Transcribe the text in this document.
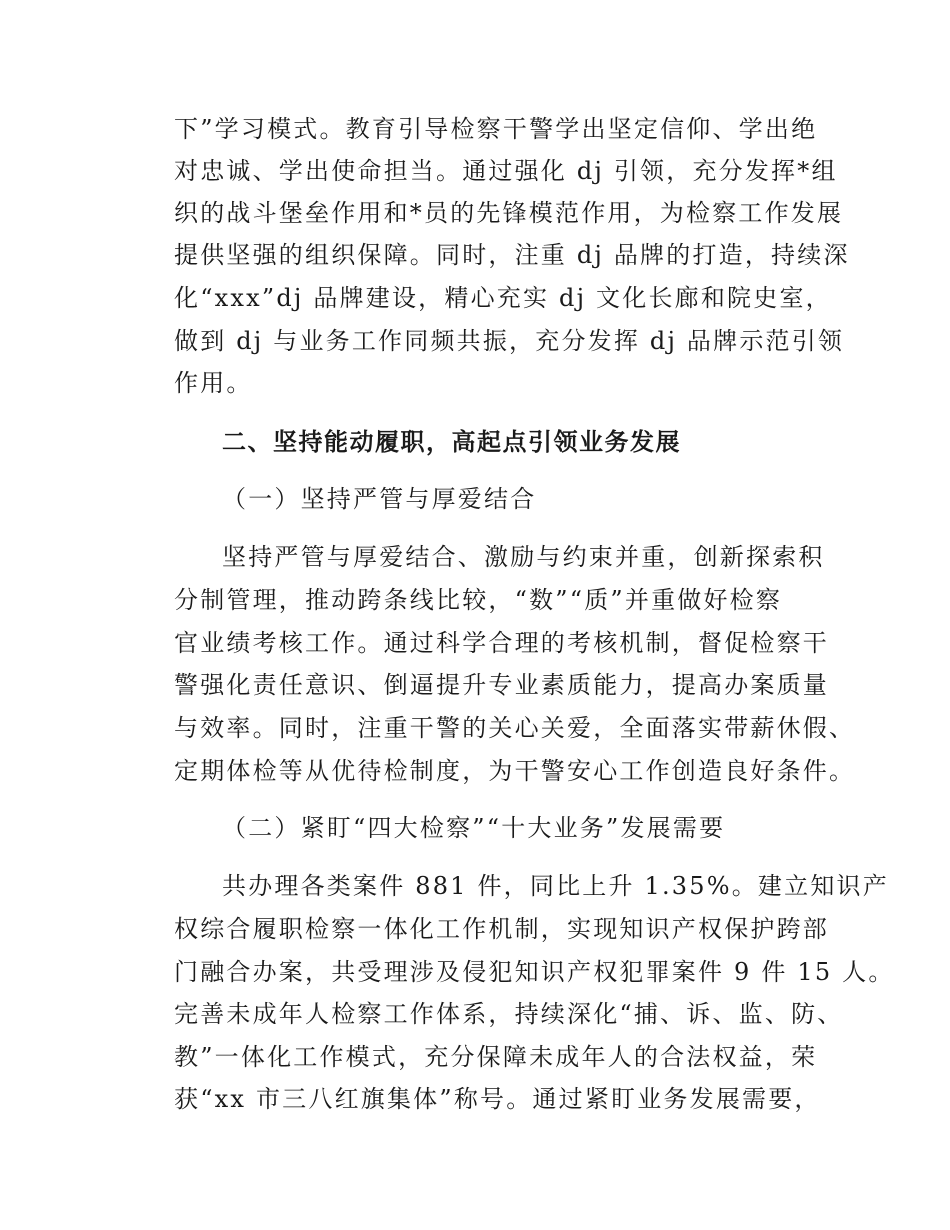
下”学习模式。教育引导检察干警学出坚定信仰、学出绝
对忠诚、学出使命担当。通过强化 dj 引领，充分发挥*组
织的战斗堡垒作用和*员的先锋模范作用，为检察工作发展
提供坚强的组织保障。同时，注重 dj 品牌的打造，持续深
化“xxx”dj 品牌建设，精心充实 dj 文化长廊和院史室，
做到 dj 与业务工作同频共振，充分发挥 dj 品牌示范引领
作用。
二、坚持能动履职，高起点引领业务发展
（一）坚持严管与厚爱结合
坚持严管与厚爱结合、激励与约束并重，创新探索积
分制管理，推动跨条线比较，“数”“质”并重做好检察
官业绩考核工作。通过科学合理的考核机制，督促检察干
警强化责任意识、倒逼提升专业素质能力，提高办案质量
与效率。同时，注重干警的关心关爱，全面落实带薪休假、
定期体检等从优待检制度，为干警安心工作创造良好条件。
（二）紧盯“四大检察”“十大业务”发展需要
共办理各类案件 881 件，同比上升 1.35%。建立知识产
权综合履职检察一体化工作机制，实现知识产权保护跨部
门融合办案，共受理涉及侵犯知识产权犯罪案件 9 件 15 人。
完善未成年人检察工作体系，持续深化“捕、诉、监、防、
教”一体化工作模式，充分保障未成年人的合法权益，荣
获“xx 市三八红旗集体”称号。通过紧盯业务发展需要，
